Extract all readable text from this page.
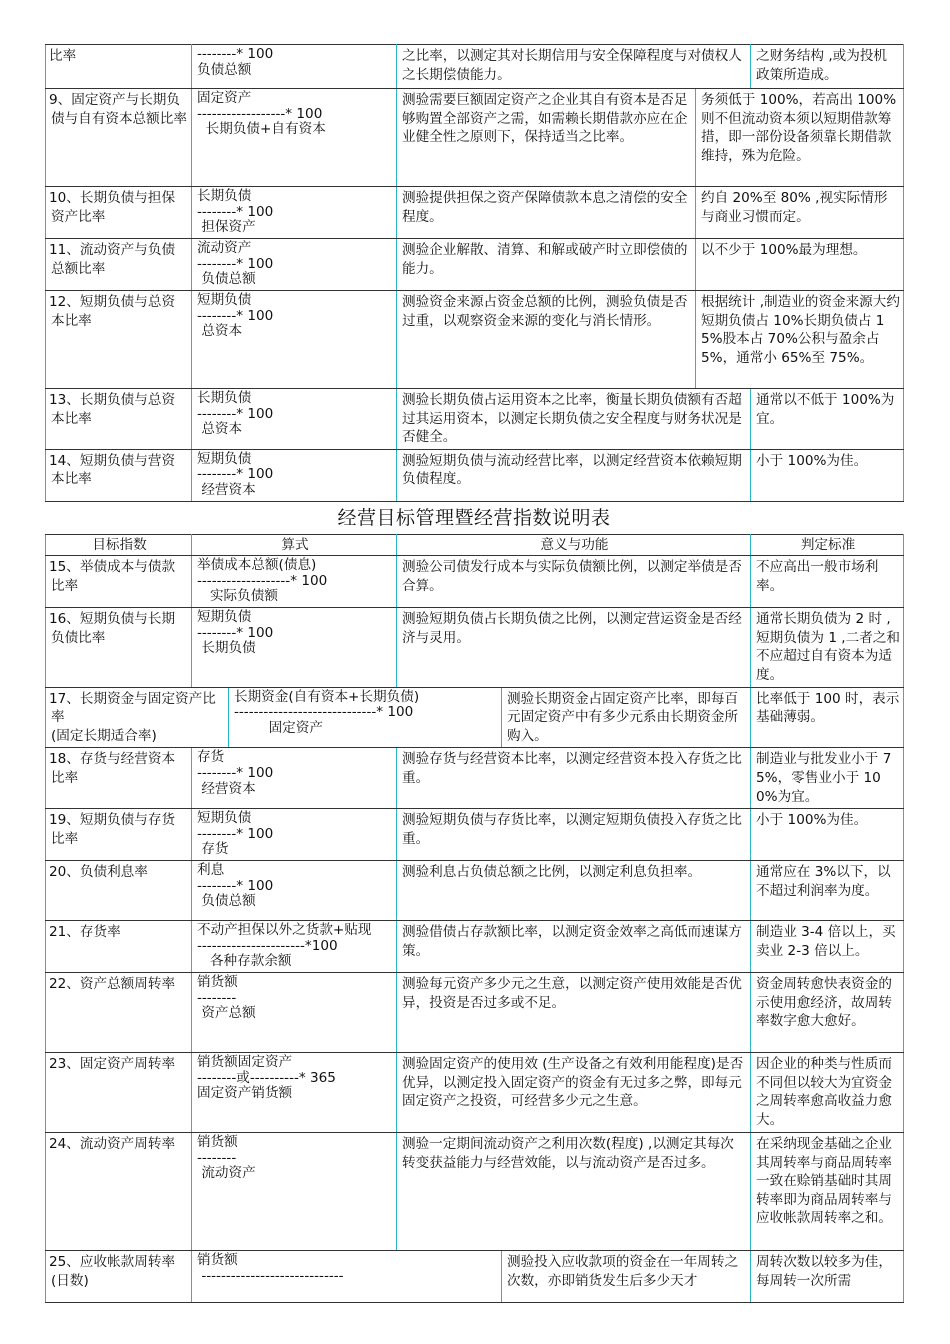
比率	--------* 100
负债总额	之比率，以测定其对长期信用与安全保障程度与对债权人之长期偿债能力。		之财务结构 ,或为投机政策所造成。

9、固定资产与长期负债与自有资本总额比率	固定资产
------------------* 100
长期负债+自有资本	测验需要巨额固定资产之企业其自有资本是否足够购置全部资产之需，如需赖长期借款亦应在企业健全性之原则下，保持适当之比率。	务须低于 100%，若高出 100%则不但流动资本须以短期借款筹措，即一部份设备须靠长期借款维持，殊为危险。	

10、长期负债与担保资产比率	长期负债
--------* 100
担保资产	测验提供担保之资产保障债款本息之清偿的安全程度。	约自 20%至 80% ,视实际情形与商业习惯而定。	

11、流动资产与负债总额比率	流动资产
--------* 100
负债总额	测验企业解散、清算、和解或破产时立即偿债的能力。	以不少于 100%最为理想。	

12、短期负债与总资本比率	短期负债
--------* 100
总资本	测验资金来源占资金总额的比例，测验负债是否过重，以观察资金来源的变化与消长情形。	根据统计 ,制造业的资金来源大约短期负债占 10%长期负债占 15%股本占 70%公积与盈余占 5%，通常小 65%至 75%。	

13、长期负债与总资本比率	长期负债
--------* 100
总资本	测验长期负债占运用资本之比率，衡量长期负债额有否超过其运用资本，以测定长期负债之安全程度与财务状况是否健全。		通常以不低于 100%为宜。

14、短期负债与营资本比率	短期负债
--------* 100
经营资本	测验短期负债与流动经营比率，以测定经营资本依赖短期负债程度。		小于 100%为佳。
经营目标管理暨经营指数说明表
目标指数	算式		意义与功能		判定标准

15、举债成本与债款比率	举债成本总额(债息)
-------------------* 100
实际负债额		测验公司债发行成本与实际负债额比例，以测定举债是否合算。		不应高出一般市场利率。

16、短期负债与长期负债比率	短期负债
--------* 100
长期负债		测验短期负债占长期负债之比例，以测定营运资金是否经济与灵用。		通常长期负债为 2 时 ,短期负债为 1 ,二者之和不应超过自有资本为适度。

17、长期资金与固定资产比率
(固定长期适合率)		长期资金(自有资本+长期负债)
-----------------------------* 100
固定资产		测验长期资金占固定资产比率，即每百元固定资产中有多少元系由长期资金所购入。	比率低于 100 时，表示基础薄弱。

18、存货与经营资本比率	存货
--------* 100
经营资本		测验存货与经营资本比率，以测定经营资本投入存货之比重。		制造业与批发业小于 75%，零售业小于 100%为宜。

19、短期负债与存货比率	短期负债
--------* 100
存货		测验短期负债与存货比率，以测定短期负债投入存货之比重。		小于 100%为佳。

20、负债利息率	利息
--------* 100
负债总额		测验利息占负债总额之比例，以测定利息负担率。		通常应在 3%以下，以不超过利润率为度。

21、存货率	不动产担保以外之货款+贴现
----------------------*100
各种存款余额		测验借债占存款额比率，以测定资金效率之高低而速谋方策。		制造业 3-4 倍以上，买卖业 2-3 倍以上。

22、资产总额周转率	销货额
--------
资产总额		测验每元资产多少元之生意，以测定资产使用效能是否优异，投资是否过多或不足。		资金周转愈快表资金的示使用愈经济，故周转率数字愈大愈好。

23、固定资产周转率	销货额固定资产
--------或----------* 365
固定资产销货额		测验固定资产的使用效 (生产设备之有效利用能程度)是否优异，以测定投入固定资产的资金有无过多之弊，即每元固定资产之投资，可经营多少元之生意。		因企业的种类与性质而不同但以较大为宜资金之周转率愈高收益力愈大。

24、流动资产周转率	销货额
--------
流动资产		测验一定期间流动资产之利用次数(程度) ,以测定其每次转变获益能力与经营效能，以与流动资产是否过多。		在采纳现金基础之企业其周转率与商品周转率一致在赊销基础时其周转率即为商品周转率与应收帐款周转率之和。

25、应收帐款周转率(日数)	销货额
-----------------------------			测验投入应收款项的资金在一年周转之次数，亦即销货发生后多少天才	周转次数以较多为佳，每周转一次所需
